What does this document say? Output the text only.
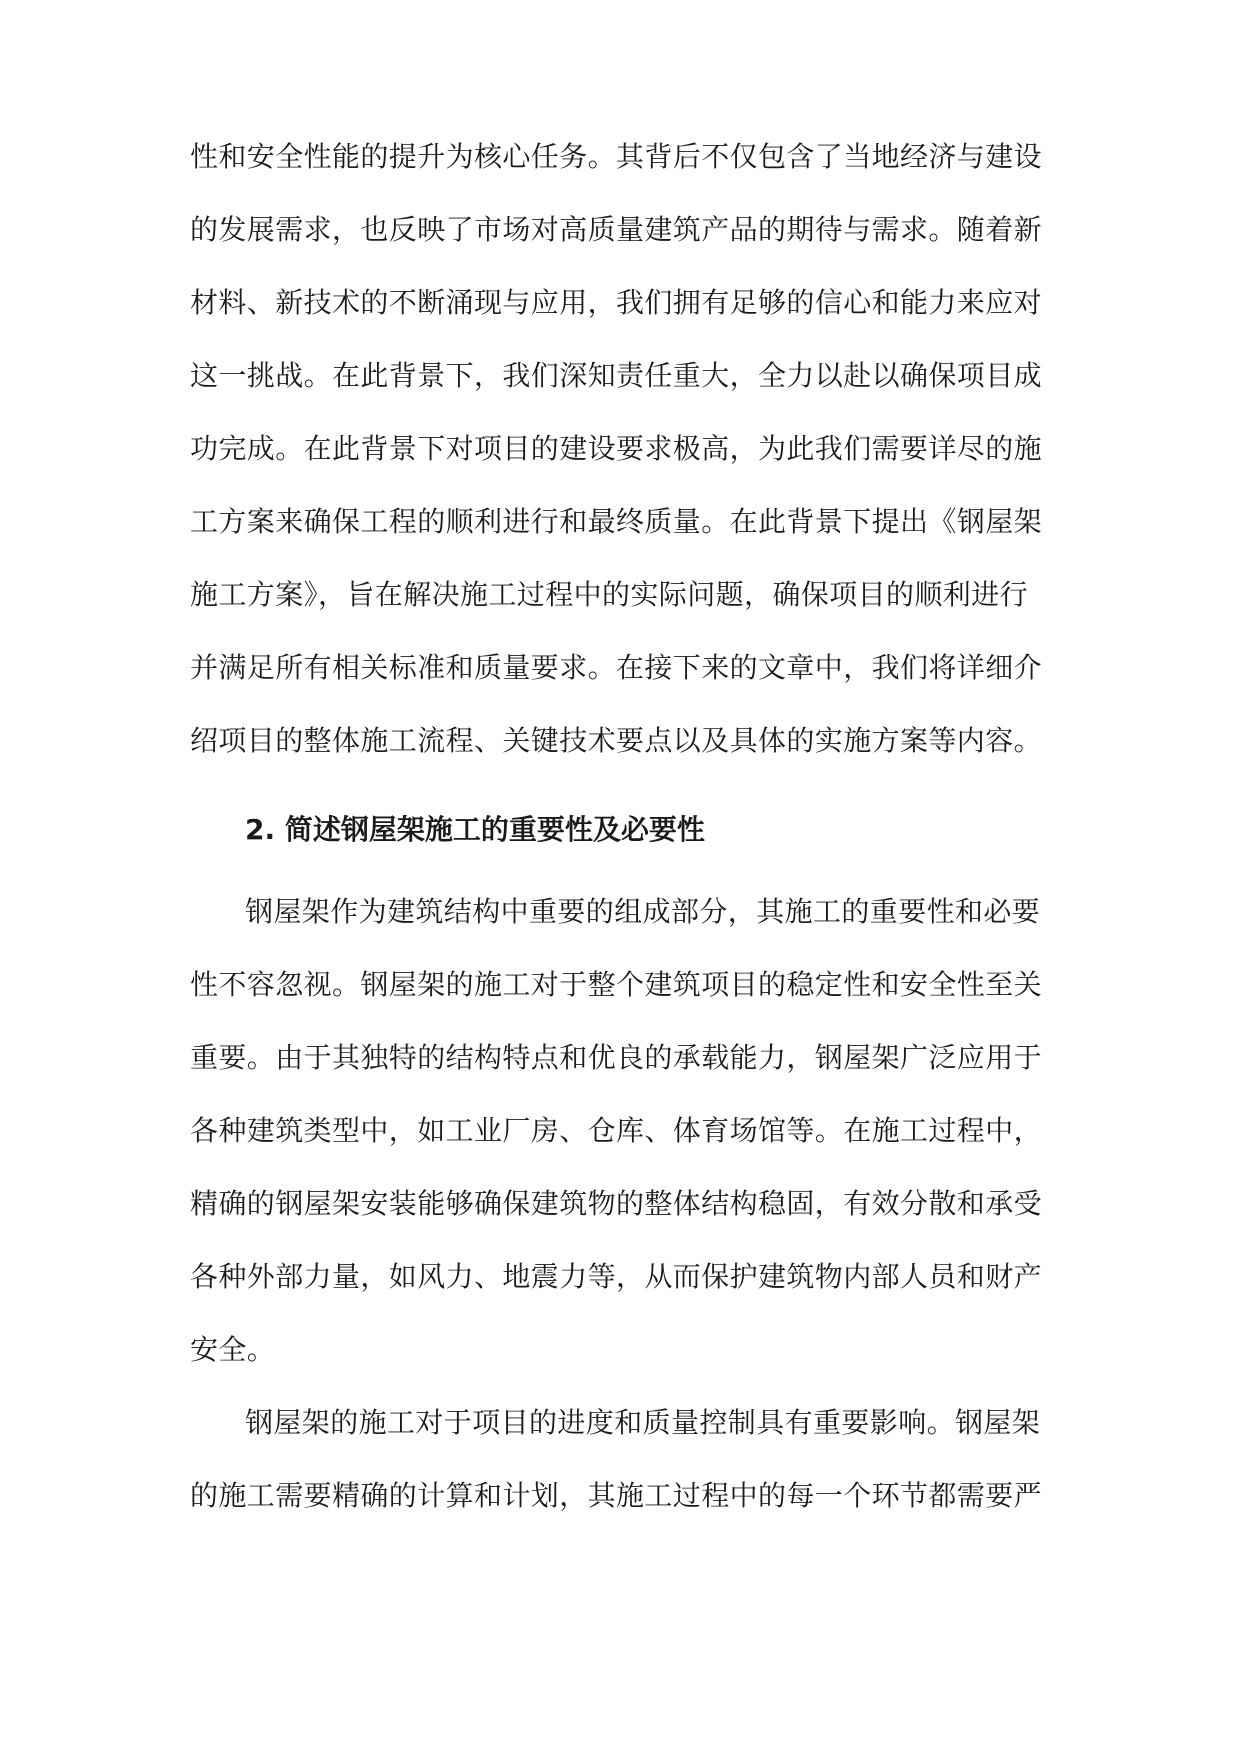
性和安全性能的提升为核心任务。其背后不仅包含了当地经济与建设
的发展需求，也反映了市场对高质量建筑产品的期待与需求。随着新
材料、新技术的不断涌现与应用，我们拥有足够的信心和能力来应对
这一挑战。在此背景下，我们深知责任重大，全力以赴以确保项目成
功完成。在此背景下对项目的建设要求极高，为此我们需要详尽的施
工方案来确保工程的顺利进行和最终质量。在此背景下提出《钢屋架
施工方案》，旨在解决施工过程中的实际问题，确保项目的顺利进行
并满足所有相关标准和质量要求。在接下来的文章中，我们将详细介
绍项目的整体施工流程、关键技术要点以及具体的实施方案等内容。
2. 简述钢屋架施工的重要性及必要性
钢屋架作为建筑结构中重要的组成部分，其施工的重要性和必要
性不容忽视。钢屋架的施工对于整个建筑项目的稳定性和安全性至关
重要。由于其独特的结构特点和优良的承载能力，钢屋架广泛应用于
各种建筑类型中，如工业厂房、仓库、体育场馆等。在施工过程中，
精确的钢屋架安装能够确保建筑物的整体结构稳固，有效分散和承受
各种外部力量，如风力、地震力等，从而保护建筑物内部人员和财产
安全。
钢屋架的施工对于项目的进度和质量控制具有重要影响。钢屋架
的施工需要精确的计算和计划，其施工过程中的每一个环节都需要严
